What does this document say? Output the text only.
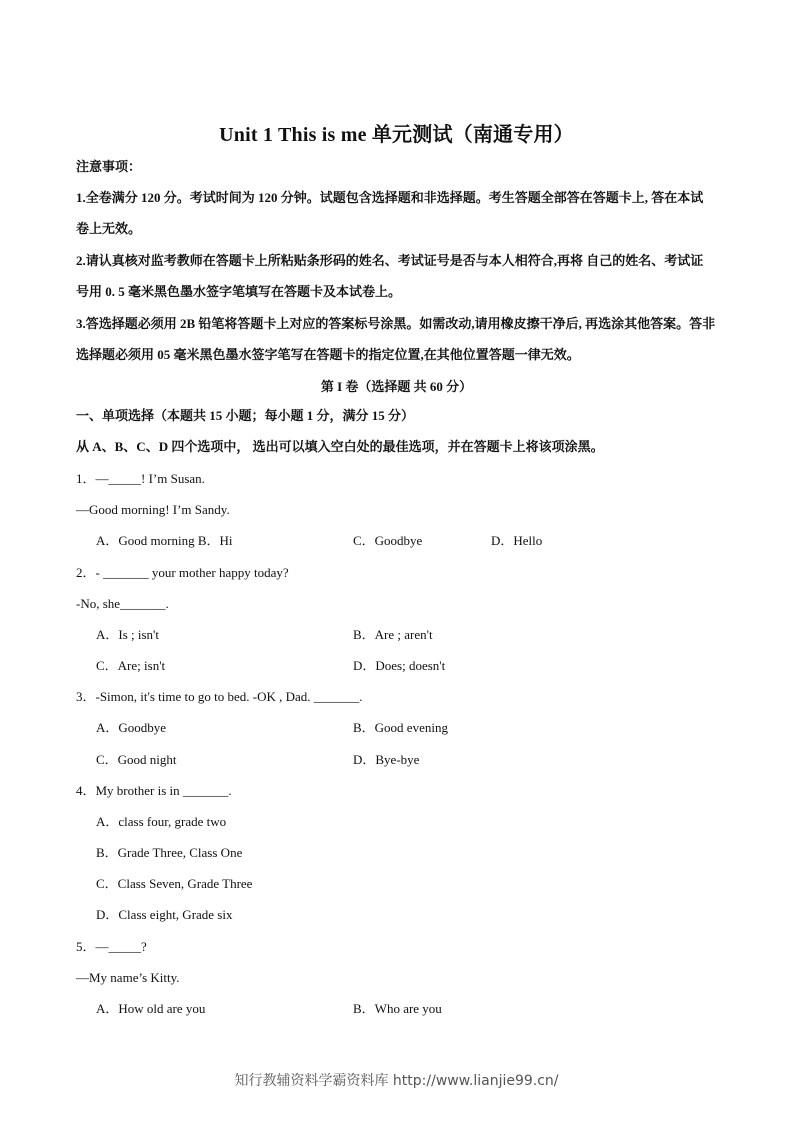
Unit 1 This is me 单元测试（南通专用）
注意事项：
1.全卷满分 120 分。考试时间为 120 分钟。试题包含选择题和非选择题。考生答题全部答在答题卡上, 答在本试卷上无效。
2.请认真核对监考教师在答题卡上所粘贴条形码的姓名、考试证号是否与本人相符合,再将 自己的姓名、考试证号用 0. 5 毫米黑色墨水签字笔填写在答题卡及本试卷上。
3.答选择题必须用 2B 铅笔将答题卡上对应的答案标号涂黑。如需改动,请用橡皮擦干净后, 再选涂其他答案。答非选择题必须用 05 毫米黑色墨水签字笔写在答题卡的指定位置,在其他位置答题一律无效。
第 I 卷（选择题 共 60 分）
一、单项选择（本题共 15 小题；每小题 1 分，满分 15 分）
从 A、B、C、D 四个选项中， 选出可以填入空白处的最佳选项，并在答题卡上将该项涂黑。
1．—_____! I’m Susan.
—Good morning! I’m Sandy.
A．Good morning B．Hi	C．Goodbye	D．Hello
2．- _______ your mother happy today?
-No, she_______.
A．Is ; isn't	B．Are ; aren't
C．Are; isn't	D．Does; doesn't
3．-Simon, it's time to go to bed. -OK , Dad. _______.
A．Goodbye	B．Good evening
C．Good night	D．Bye-bye
4．My brother is in _______.
A．class four, grade two
B．Grade Three, Class One
C．Class Seven, Grade Three
D．Class eight, Grade six
5．—_____?
—My name’s Kitty.
A．How old are you	B．Who are you
知行教辅资料学霸资料库 http://www.lianjie99.cn/
